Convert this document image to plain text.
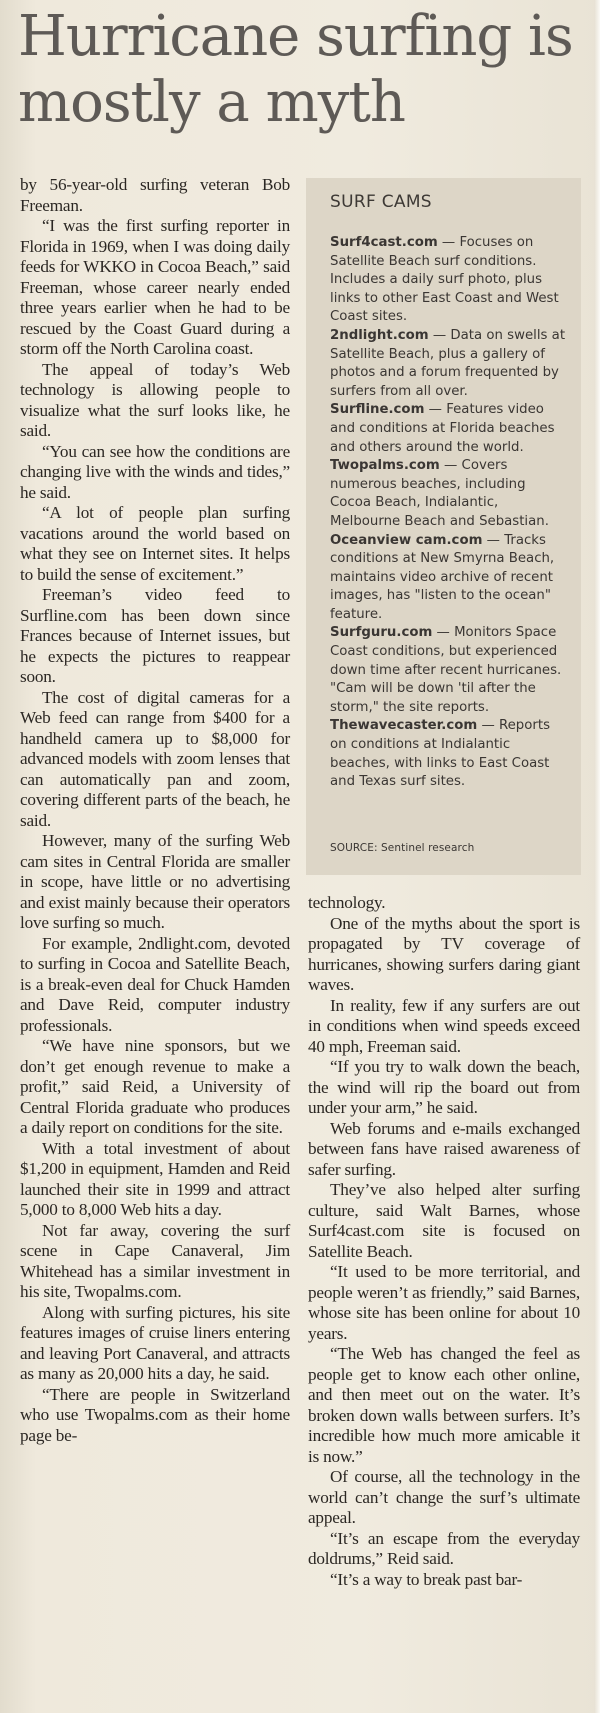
Hurricane surfing is mostly a myth

by 56-year-old surfing veteran Bob Freeman.

“I was the first surfing reporter in Florida in 1969, when I was doing daily feeds for WKKO in Cocoa Beach,” said Freeman, whose career nearly ended three years earlier when he had to be rescued by the Coast Guard during a storm off the North Carolina coast.

The appeal of today’s Web technology is allowing people to visualize what the surf looks like, he said.

“You can see how the conditions are changing live with the winds and tides,” he said.

“A lot of people plan surfing vacations around the world based on what they see on Internet sites. It helps to build the sense of excitement.”

Freeman’s video feed to Surfline.com has been down since Frances because of Internet issues, but he expects the pictures to reappear soon.

The cost of digital cameras for a Web feed can range from $400 for a handheld camera up to $8,000 for advanced models with zoom lenses that can automatically pan and zoom, covering different parts of the beach, he said.

However, many of the surfing Web cam sites in Central Florida are smaller in scope, have little or no advertising and exist mainly because their operators love surfing so much.

For example, 2ndlight.com, devoted to surfing in Cocoa and Satellite Beach, is a break-even deal for Chuck Hamden and Dave Reid, computer industry professionals.

“We have nine sponsors, but we don’t get enough revenue to make a profit,” said Reid, a University of Central Florida graduate who produces a daily report on conditions for the site.

With a total investment of about $1,200 in equipment, Hamden and Reid launched their site in 1999 and attract 5,000 to 8,000 Web hits a day.

Not far away, covering the surf scene in Cape Canaveral, Jim Whitehead has a similar investment in his site, Twopalms.com.

Along with surfing pictures, his site features images of cruise liners entering and leaving Port Canaveral, and attracts as many as 20,000 hits a day, he said.

“There are people in Switzerland who use Twopalms.com as their home page be-

SURF CAMS

Surf4cast.com — Focuses on Satellite Beach surf conditions. Includes a daily surf photo, plus links to other East Coast and West Coast sites.

2ndlight.com — Data on swells at Satellite Beach, plus a gallery of photos and a forum frequented by surfers from all over.

Surfline.com — Features video and conditions at Florida beaches and others around the world.

Twopalms.com — Covers numerous beaches, including Cocoa Beach, Indialantic, Melbourne Beach and Sebastian.

Oceanview cam.com — Tracks conditions at New Smyrna Beach, maintains video archive of recent images, has "listen to the ocean" feature.

Surfguru.com — Monitors Space Coast conditions, but experienced down time after recent hurricanes. "Cam will be down 'til after the storm," the site reports.

Thewavecaster.com — Reports on conditions at Indialantic beaches, with links to East Coast and Texas surf sites.

SOURCE: Sentinel research

technology.

One of the myths about the sport is propagated by TV coverage of hurricanes, showing surfers daring giant waves.

In reality, few if any surfers are out in conditions when wind speeds exceed 40 mph, Freeman said.

“If you try to walk down the beach, the wind will rip the board out from under your arm,” he said.

Web forums and e-mails exchanged between fans have raised awareness of safer surfing.

They’ve also helped alter surfing culture, said Walt Barnes, whose Surf4cast.com site is focused on Satellite Beach.

“It used to be more territorial, and people weren’t as friendly,” said Barnes, whose site has been online for about 10 years.

“The Web has changed the feel as people get to know each other online, and then meet out on the water. It’s broken down walls between surfers. It’s incredible how much more amicable it is now.”

Of course, all the technology in the world can’t change the surf’s ultimate appeal.

“It’s an escape from the everyday doldrums,” Reid said.

“It’s a way to break past bar-
